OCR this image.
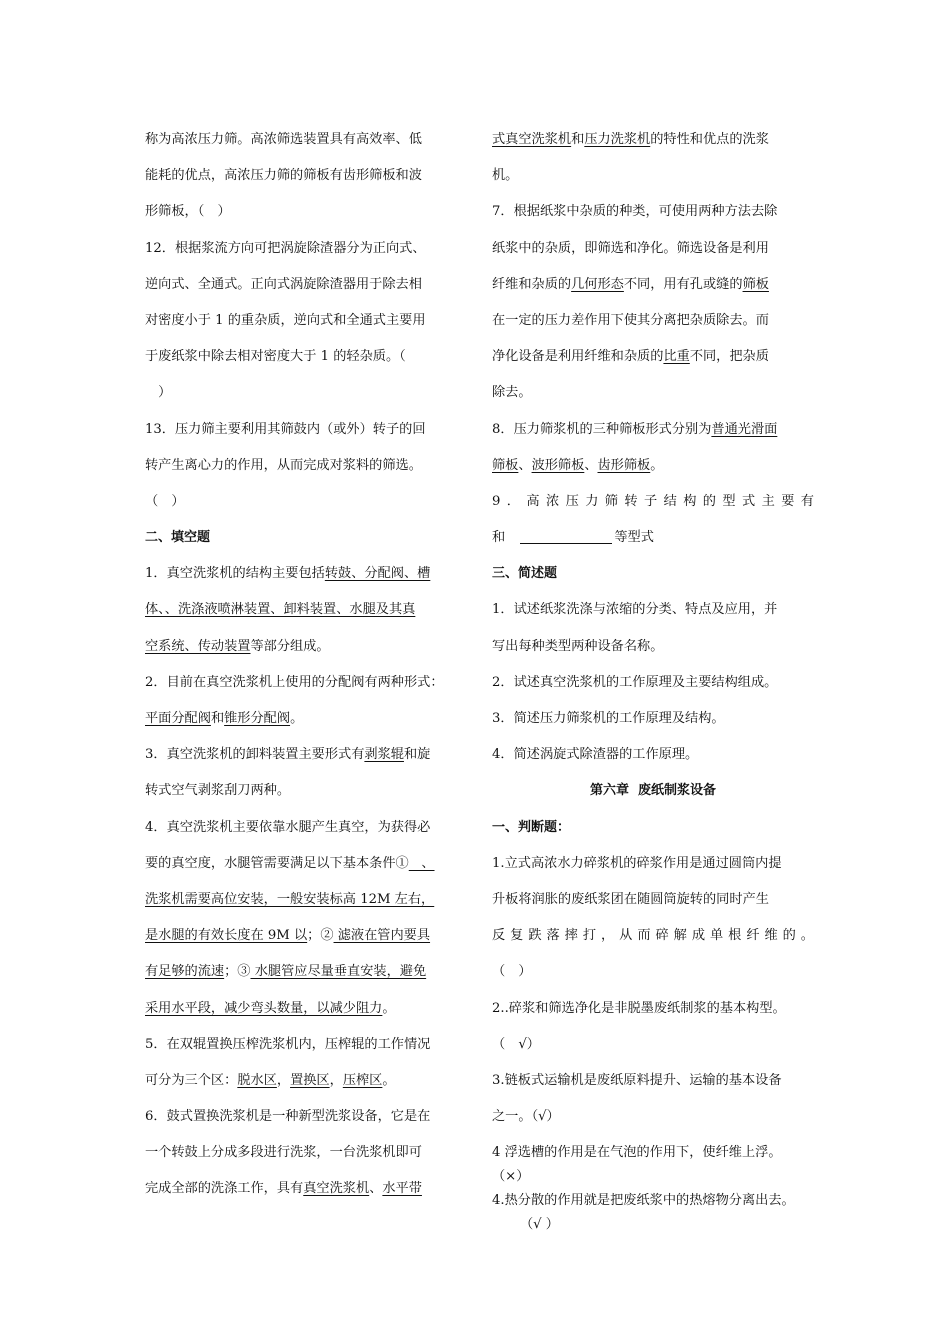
称为高浓压力筛。高浓筛选装置具有高效率、低
能耗的优点，高浓压力筛的筛板有齿形筛板和波
形筛板，（　）
12．根据浆流方向可把涡旋除渣器分为正向式、
逆向式、全通式。正向式涡旋除渣器用于除去相
对密度小于 1 的重杂质，逆向式和全通式主要用
于废纸浆中除去相对密度大于 1 的轻杂质。（
　）
13．压力筛主要利用其筛鼓内（或外）转子的回
转产生离心力的作用，从而完成对浆料的筛选。
（　）
二、填空题
1．真空洗浆机的结构主要包括转鼓、分配阀、槽
体、、洗涤液喷淋装置、卸料装置、水腿及其真
空系统、传动装置等部分组成。
2．目前在真空洗浆机上使用的分配阀有两种形式：
平面分配阀和锥形分配阀。
3．真空洗浆机的卸料装置主要形式有剥浆辊和旋
转式空气剥浆刮刀两种。
4．真空洗浆机主要依靠水腿产生真空，为获得必
要的真空度，水腿管需要满足以下基本条件①   、
洗浆机需要高位安装，一般安装标高 12M 左右，
是水腿的有效长度在 9M 以；② 滤液在管内要具
有足够的流速；③ 水腿管应尽量垂直安装，避免
采用水平段，减少弯头数量，以减少阻力。
5．在双辊置换压榨洗浆机内，压榨辊的工作情况
可分为三个区：脱水区，置换区，压榨区。
6．鼓式置换洗浆机是一种新型洗浆设备，它是在
一个转鼓上分成多段进行洗浆，一台洗浆机即可
完成全部的洗涤工作，具有真空洗浆机、水平带
式真空洗浆机和压力洗浆机的特性和优点的洗浆
机。
7．根据纸浆中杂质的种类，可使用两种方法去除
纸浆中的杂质，即筛选和净化。筛选设备是利用
纤维和杂质的几何形态不同，用有孔或缝的筛板
在一定的压力差作用下使其分离把杂质除去。而
净化设备是利用纤维和杂质的比重不同，把杂质
除去。
8．压力筛浆机的三种筛板形式分别为普通光滑面
筛板、波形筛板、齿形筛板。
9．高浓压力筛转子结构的型式主要有
和　	等型式
三、简述题
1．试述纸浆洗涤与浓缩的分类、特点及应用，并
写出每种类型两种设备名称。
2．试述真空洗浆机的工作原理及主要结构组成。
3．简述压力筛浆机的工作原理及结构。
4．简述涡旋式除渣器的工作原理。
第六章  废纸制浆设备
一、判断题：
1.立式高浓水力碎浆机的碎浆作用是通过圆筒内提
升板将润胀的废纸浆团在随圆筒旋转的同时产生
反复跌落摔打，从而碎解成单根纤维的。
（　）
2..碎浆和筛选净化是非脱墨废纸制浆的基本构型。
（　√）
3.链板式运输机是废纸原料提升、运输的基本设备
之一。（√）
4 浮选槽的作用是在气泡的作用下，使纤维上浮。
（×）
4.热分散的作用就是把废纸浆中的热熔物分离出去。
（√ ）
